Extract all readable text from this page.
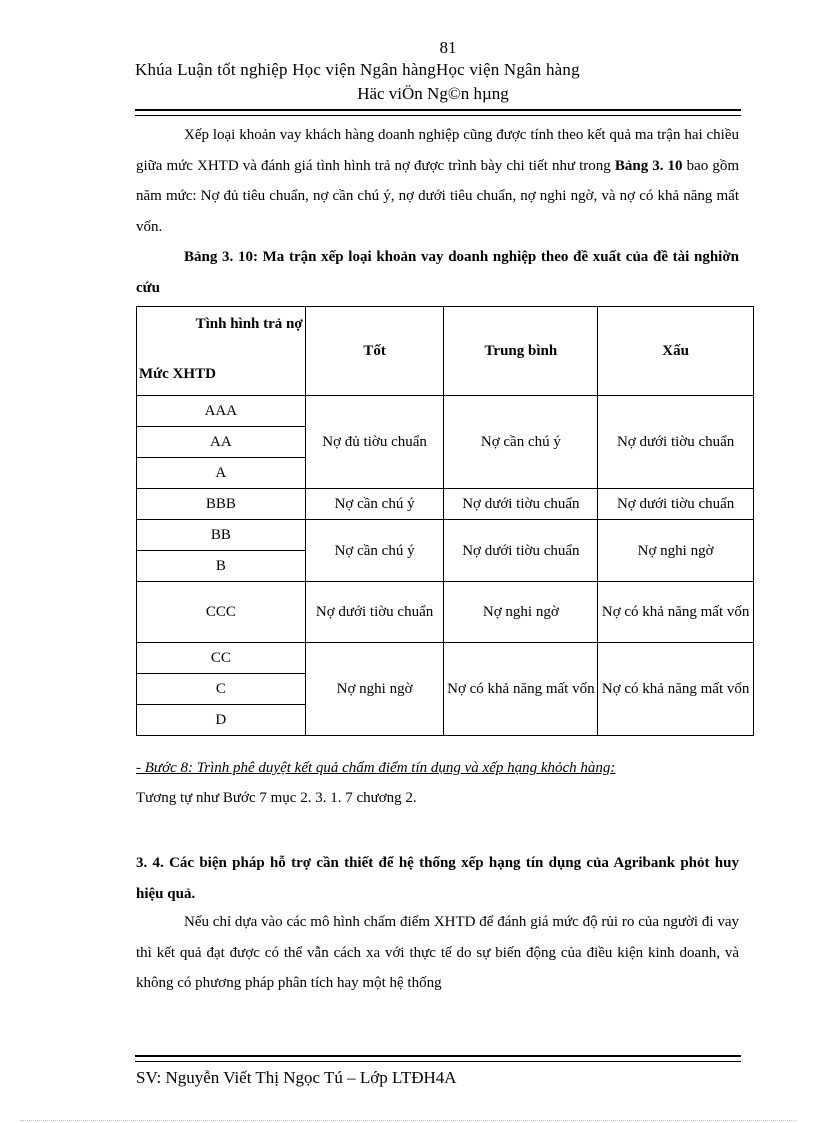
81
Khúa Luận tốt nghiệp Học viện Ngân hàngHọc viện Ngân hàng
Häc viÖn Ng©n hµng

Xếp loại khoản vay khách hàng doanh nghiệp cũng được tính theo kết quả ma trận hai chiều giữa mức XHTD và đánh giá tình hình trả nợ được trình bày chi tiết như trong Bảng 3. 10 bao gồm năm mức: Nợ đủ tiêu chuẩn, nợ cần chú ý, nợ dưới tiêu chuẩn, nợ nghi ngờ, và nợ có khả năng mất vốn.

Bảng 3. 10: Ma trận xếp loại khoản vay doanh nghiệp theo đề xuất của đề tài nghiờn cứu
Tình hình trả nợ
Mức XHTD	Tốt	Trung bình	Xấu
AAA	Nợ đủ tiờu chuẩn	Nợ cần chú ý	Nợ dưới tiờu chuẩn
AA			
A			
BBB	Nợ cần chú ý	Nợ dưới tiờu chuẩn	Nợ dưới tiờu chuẩn
BB	Nợ cần chú ý	Nợ dưới tiờu chuẩn	Nợ nghi ngờ
B			
CCC	Nợ dưới tiờu chuẩn	Nợ nghi ngờ	Nợ có khả năng mất vốn
CC	Nợ nghi ngờ	Nợ có khả năng mất vốn	Nợ có khả năng mất vốn
C			
D			
- Bước 8: Trình phê duyệt kết quả chấm điểm tín dụng và xếp hạng khỏch hàng:
Tương tự như Bước 7 mục 2. 3. 1. 7 chương 2.
3. 4. Các biện pháp hỗ trợ cần thiết để hệ thống xếp hạng tín dụng của Agribank phỏt huy hiệu quả.

Nếu chỉ dựa vào các mô hình chấm điểm XHTD để đánh giá mức độ rủi ro của người đi vay thì kết quả đạt được có thể vẫn cách xa với thực tế do sự biến động của điều kiện kinh doanh, và không có phương pháp phân tích hay một hệ thống

SV: Nguyễn Viết Thị Ngọc Tú – Lớp LTĐH4A
